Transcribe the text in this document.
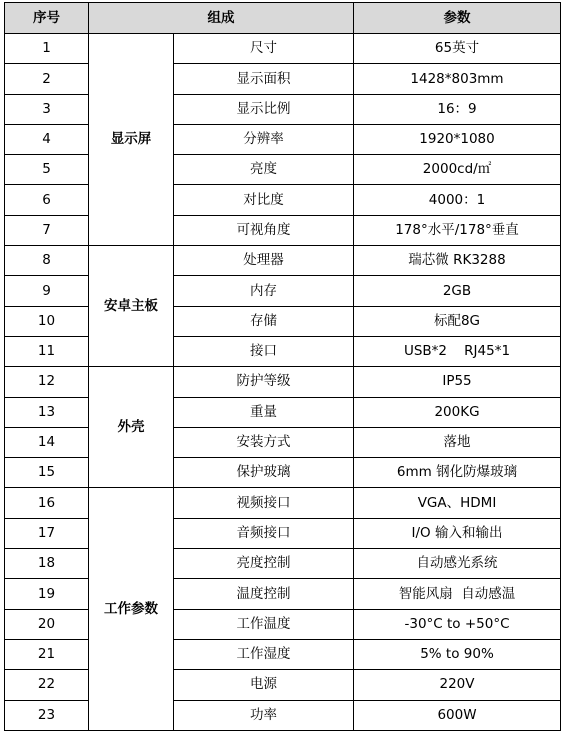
序号	组成		参数
1	显示屏	尺寸	65英寸
2		显示面积	1428*803mm
3		显示比例	16：9
4		分辨率	1920*1080
5		亮度	2000cd/㎡
6		对比度	4000：1
7		可视角度	178°水平/178°垂直
8	安卓主板	处理器	瑞芯微 RK3288
9		内存	2GB
10		存储	标配8G
11		接口	USB*2    RJ45*1
12	外壳	防护等级	IP55
13		重量	200KG
14		安装方式	落地
15		保护玻璃	6mm 钢化防爆玻璃
16	工作参数	视频接口	VGA、HDMI
17		音频接口	I/O 输入和输出
18		亮度控制	自动感光系统
19		温度控制	智能风扇  自动感温
20		工作温度	-30°C to +50°C
21		工作湿度	5% to 90%
22		电源	220V
23		功率	600W
